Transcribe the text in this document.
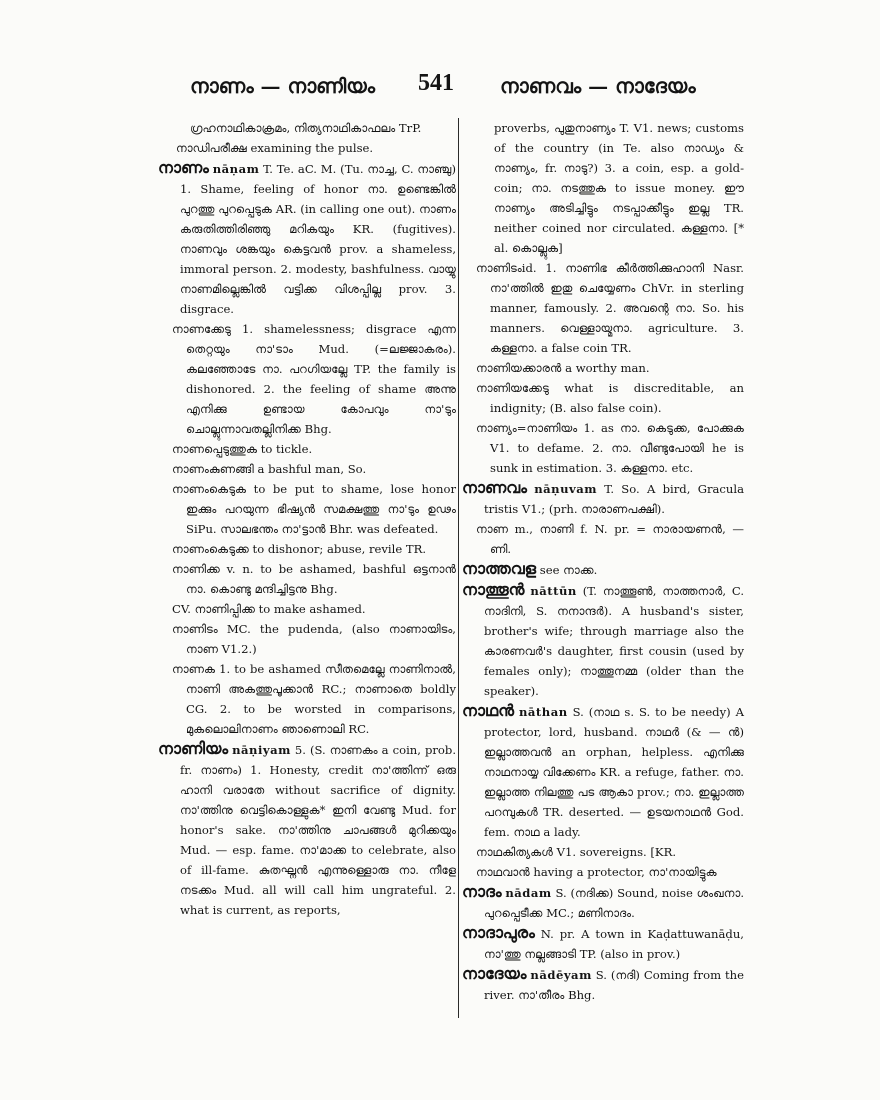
നാണം — നാണിയം 541 നാണവം — നാദേയം

ഗ്രഹനാഥികാക്രമം, നിത്യനാഥികാഫലം TrP.

നാഡിപരീക്ഷ examining the pulse.

നാണം nāṇam T. Te. aC. M. (Tu. നാച്ച, C. നാഞ്ചു) 1. Shame, feeling of honor നാ. ഉണ്ടെങ്കിൽ പുറത്തു പുറപ്പെടുക AR. (in calling one out). നാണം കരുതിത്തിരിഞ്ഞു മറികയും KR. (fugitives). നാണവും ശങ്കയും കെട്ടവൻ prov. a shameless, immoral person. 2. modesty, bashfulness. വായ്യു നാണമില്ലെങ്കിൽ വട്ടിക്ക വിശപ്പില്ല prov. 3. disgrace.

നാണക്കേടു 1. shamelessness; disgrace എന്ന തെറ്റയും നാ'ടാം Mud. (=ലജ്ജാകരം). കലഞ്ഞോടേ നാ. പറഗിയല്ലേ TP. the family is dishonored. 2. the feeling of shame അന്നു എനിക്കു ഉണ്ടായ കോപവും നാ'ടും ചൊല്ലുന്നാവതല്ലിനിക്ക Bhg.

നാണപ്പെടുത്തുക to tickle.

നാണംകുണങ്ങി a bashful man, So.

നാണംകെടുക to be put to shame, lose honor ഇക്കും പറയുന്ന ഭിഷ്യൻ സമക്ഷത്തു നാ'ടും ഉഢം SiPu. സാലഭന്തം നാ'ട്ടാൻ Bhr. was defeated.

നാണംകെടുക്ക to dishonor; abuse, revile TR.

നാണിക്ക v. n. to be ashamed, bashful ഒട്ടനാൻ നാ. കൊണ്ടു മന്ദിച്ചിട്ടനു Bhg.

CV. നാണിപ്പിക്ക to make ashamed.

നാണിടം MC. the pudenda, (also നാണായിടം, നാണ V1.2.)

നാണക 1. to be ashamed സീതമെല്ലേ നാണിനാൽ, നാണി അകത്തുപൂക്കാൻ RC.; നാണാതെ boldly CG. 2. to be worsted in comparisons, മുകലൊലിനാണം ഞാണൊലി RC.

നാണിയം nāṇiyam 5. (S. നാണകം a coin, prob. fr. നാണം) 1. Honesty, credit നാ'ത്തിന്ന് ഒരു ഹാനി വരാതേ without sacrifice of dignity. നാ'ത്തിനു വെട്ടികൊള്ളുക* ഇനി വേണ്ടു Mud. for honor's sake. നാ'ത്തിനു ചാപങ്ങൾ മുറിക്കയും Mud. — esp. fame. നാ'മാക്ക to celebrate, also of ill-fame. കുതഘ്നൻ എന്നുള്ളൊരു നാ. നീളേ നടക്കം Mud. all will call him ungrateful. 2. what is current, as reports,

proverbs, പുതുനാണ്യം T. V1. news; customs of the country (in Te. also നാഡ്യം & നാണ്യം, fr. നാടു?) 3. a coin, esp. a gold-coin; നാ. നടത്തുക to issue money. ഈ നാണ്യം അടിച്ചിട്ടും നടപ്പാക്കീട്ടും ഇല്ല TR. neither coined nor circulated. കള്ളനാ. [* al. കൊല്ലുക]

നാണിടംid. 1. നാണിഭ കീർത്തിക്കുഹാനി Nasr. നാ'ത്തിൽ ഇതു ചെയ്യേണം ChVr. in sterling manner, famously. 2. അവന്റെ നാ. So. his manners. വെള്ളായ്മനാ. agriculture. 3. കള്ളനാ. a false coin TR.

നാണിയക്കാരൻ a worthy man.

നാണിയക്കേടു what is discreditable, an indignity; (B. also false coin).

നാണ്യം=നാണിയം 1. as നാ. കെടുക്ക, പോക്കുക V1. to defame. 2. നാ. വീണ്ടുപോയി he is sunk in estimation. 3. കള്ളനാ. etc.

നാണവം nāṇuvam T. So. A bird, Gracula tristis V1.; (prh. നാരാണപക്ഷി).

നാണ m., നാണി f. N. pr. = നാരായണൻ, — ണി.

നാത്തവള see നാക്ക.

നാത്തൂൻ nāttūn (T. നാത്തൂൺ, നാത്തനാർ, C. നാദിനി, S. നനാന്ദർ). A husband's sister, brother's wife; through marriage also the കാരണവർ's daughter, first cousin (used by females only); നാത്തൂനമ്മ (older than the speaker).

നാഥൻ nāthan S. (നാഥ s. S. to be needy) A protector, lord, husband. നാഥർ (& — ൻ) ഇല്ലാത്തവൻ an orphan, helpless. എനിക്കു നാഥനായ്യ വിക്കേണം KR. a refuge, father. നാ. ഇല്ലാത്ത നിലത്തു പട ആകാ prov.; നാ. ഇല്ലാത്ത പറമ്പുകൾ TR. deserted. — ഉടയനാഥൻ God. fem. നാഥ a lady.

നാഥകിത്യകൾ V1. sovereigns. [KR.

നാഥവാൻ having a protector, നാ'നായിട്ടുക

നാദം nādam S. (നദിക്ക) Sound, noise ശംഖനാ. പുറപ്പെടീക്ക MC.; മണിനാദം.

നാദാപുരം N. pr. A town in Kaḍattuwanāḍu, നാ'ത്തു നല്ലങ്ങാടി TP. (also in prov.)

നാദേയം nādēyam S. (നദി) Coming from the river. നാ'തീരം Bhg.
